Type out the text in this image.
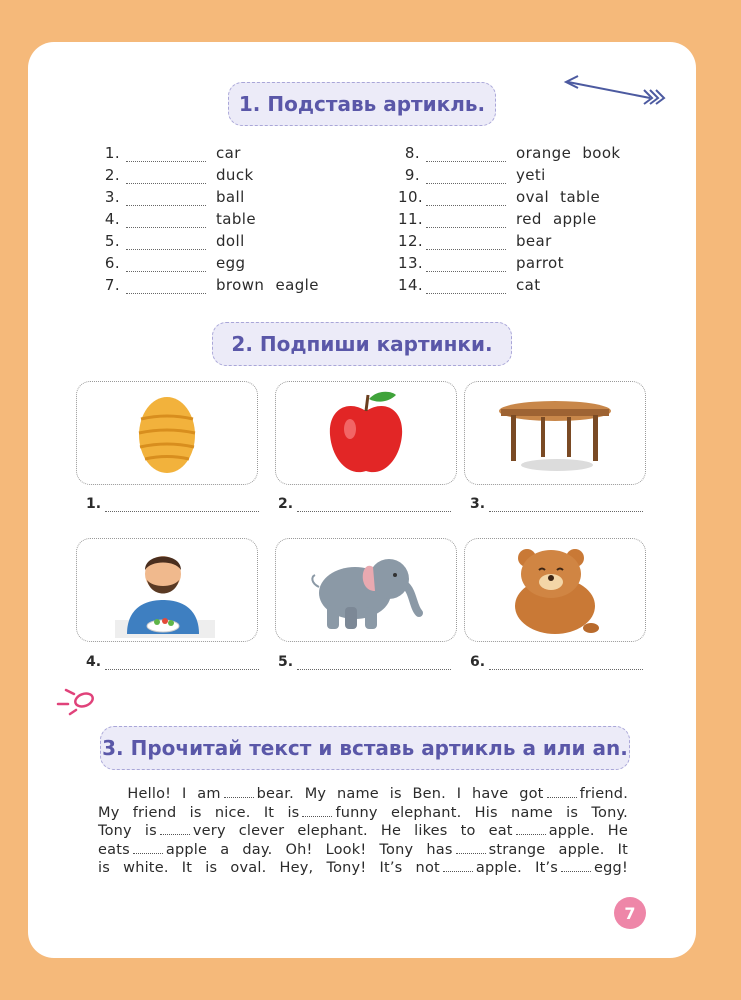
1. Подставь артикль.
1.	car
2.	duck
3.	ball
4.	table
5.	doll
6.	egg
7.	brown eagle
8.	orange book
9.	yeti
10.	oval table
11.	red apple
12.	bear
13.	parrot
14.	cat
2. Подпиши картинки.
1.	2.	3.
4.	5.	6.
3. Прочитай текст и вставь артикль a или an.

  Hello! I am bear. My name is Ben. I have got friend.

My friend is nice. It is funny elephant. His name is Tony.

Tony is very clever elephant. He likes to eat apple. He

eats apple a day. Oh! Look! Tony has strange apple. It

is white. It is oval. Hey, Tony! It’s not apple. It’s egg!

7
